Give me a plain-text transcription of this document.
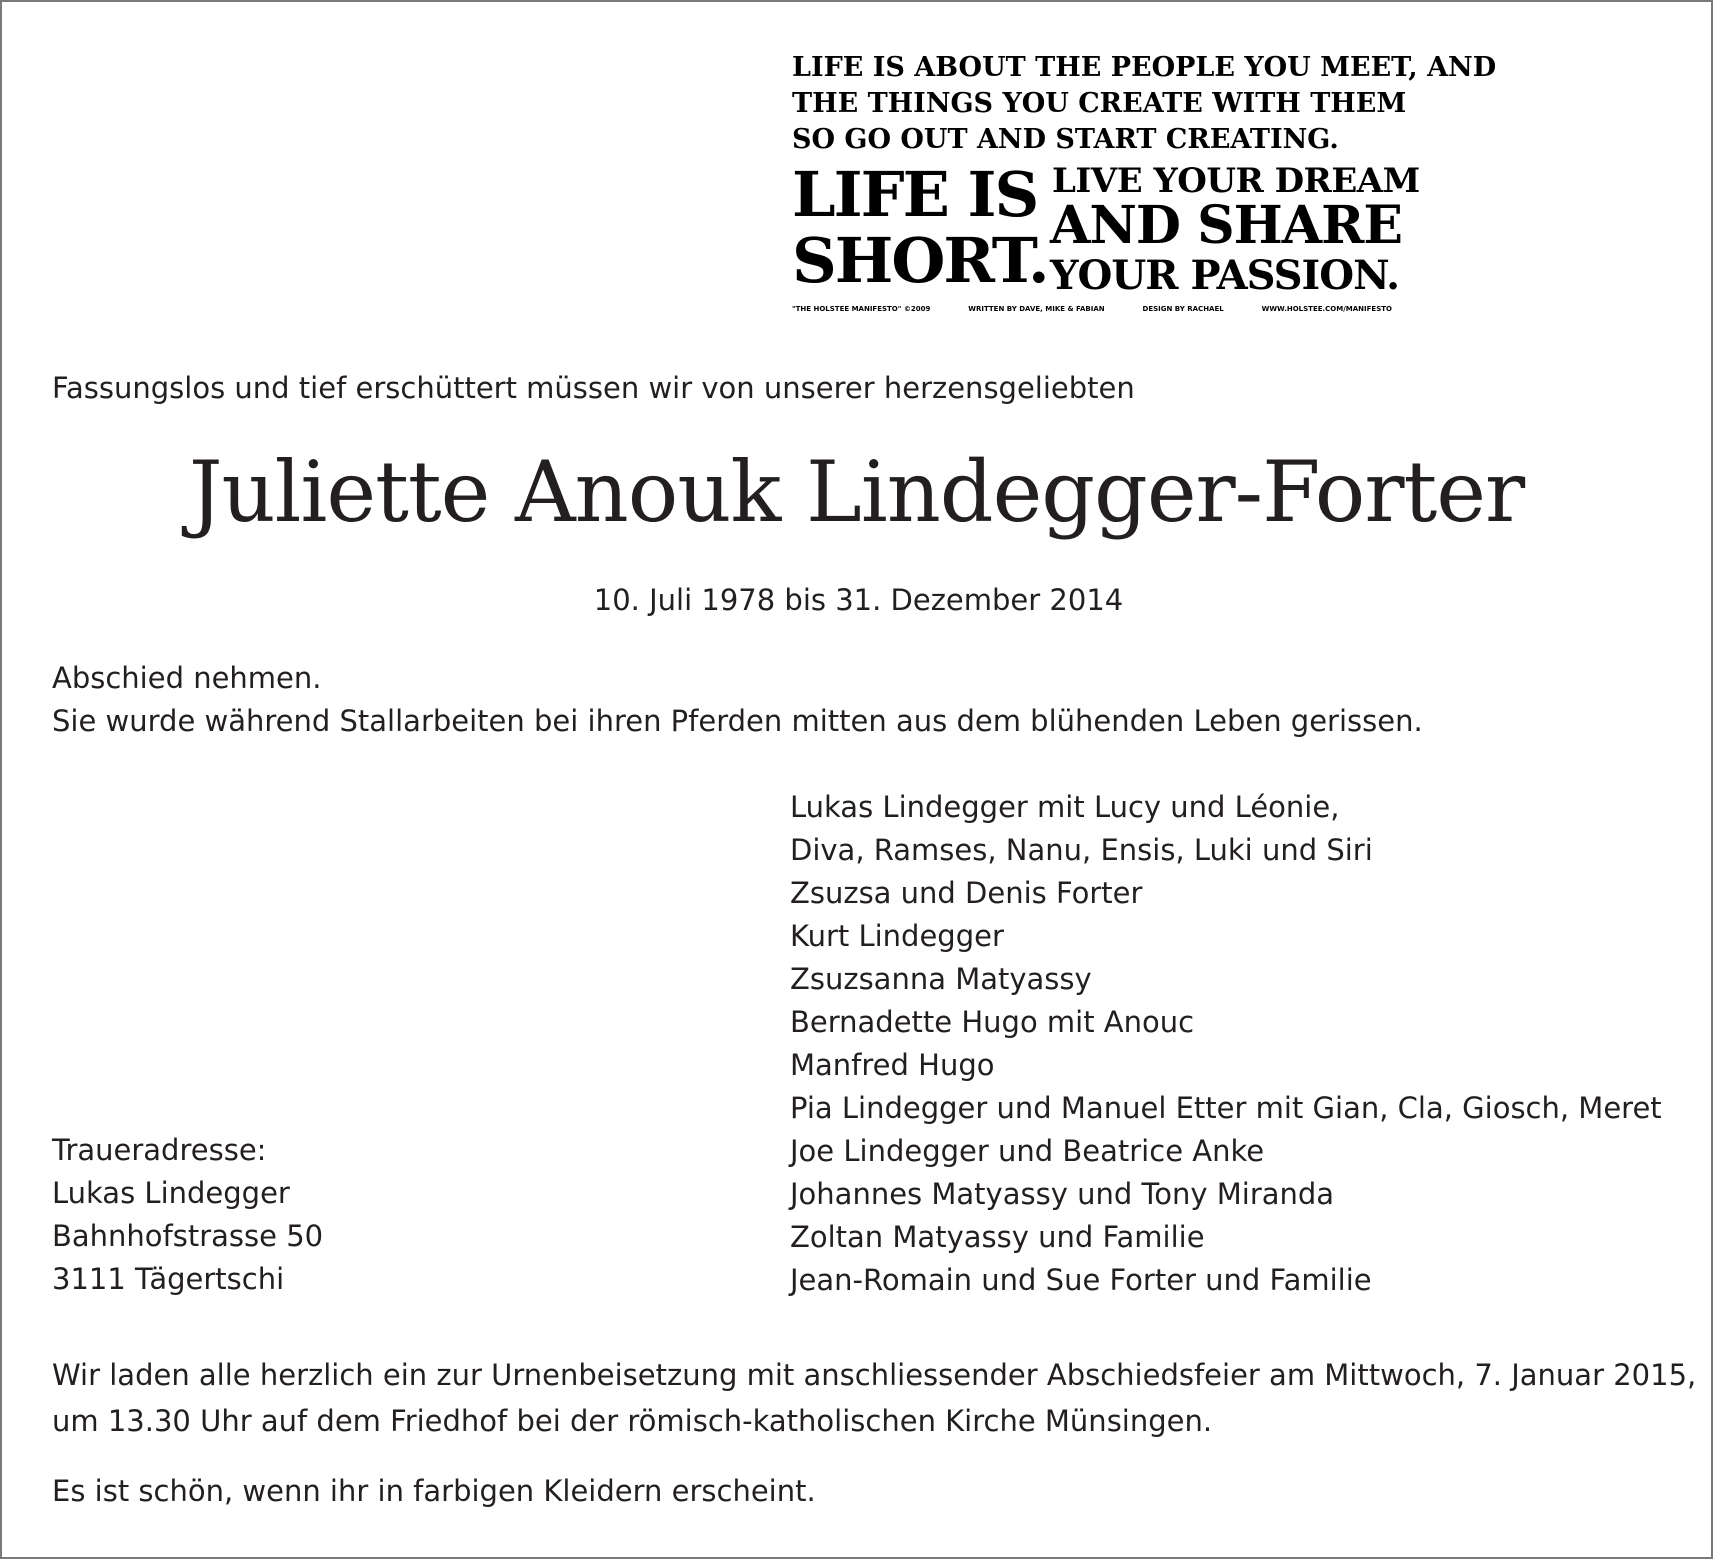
LIFE IS ABOUT THE PEOPLE YOU MEET, AND
THE THINGS YOU CREATE WITH THEM
SO GO OUT AND START CREATING.
LIFE IS
SHORT.
LIVE YOUR DREAM
AND SHARE
YOUR PASSION.
"THE HOLSTEE MANIFESTO" ©2009	WRITTEN BY DAVE, MIKE & FABIAN	DESIGN BY RACHAEL	WWW.HOLSTEE.COM/MANIFESTO
Fassungslos und tief erschüttert müssen wir von unserer herzensgeliebten
Juliette Anouk Lindegger-Forter
10. Juli 1978 bis 31. Dezember 2014
Abschied nehmen.
Sie wurde während Stallarbeiten bei ihren Pferden mitten aus dem blühenden Leben gerissen.
Lukas Lindegger mit Lucy und Léonie,
Diva, Ramses, Nanu, Ensis, Luki und Siri
Zsuzsa und Denis Forter
Kurt Lindegger
Zsuzsanna Matyassy
Bernadette Hugo mit Anouc
Manfred Hugo
Pia Lindegger und Manuel Etter mit Gian, Cla, Giosch, Meret
Joe Lindegger und Beatrice Anke
Johannes Matyassy und Tony Miranda
Zoltan Matyassy und Familie
Jean-Romain und Sue Forter und Familie
Traueradresse:
Lukas Lindegger
Bahnhofstrasse 50
3111 Tägertschi
Wir laden alle herzlich ein zur Urnenbeisetzung mit anschliessender Abschiedsfeier am Mittwoch, 7. Januar 2015,
um 13.30 Uhr auf dem Friedhof bei der römisch-katholischen Kirche Münsingen.
Es ist schön, wenn ihr in farbigen Kleidern erscheint.
